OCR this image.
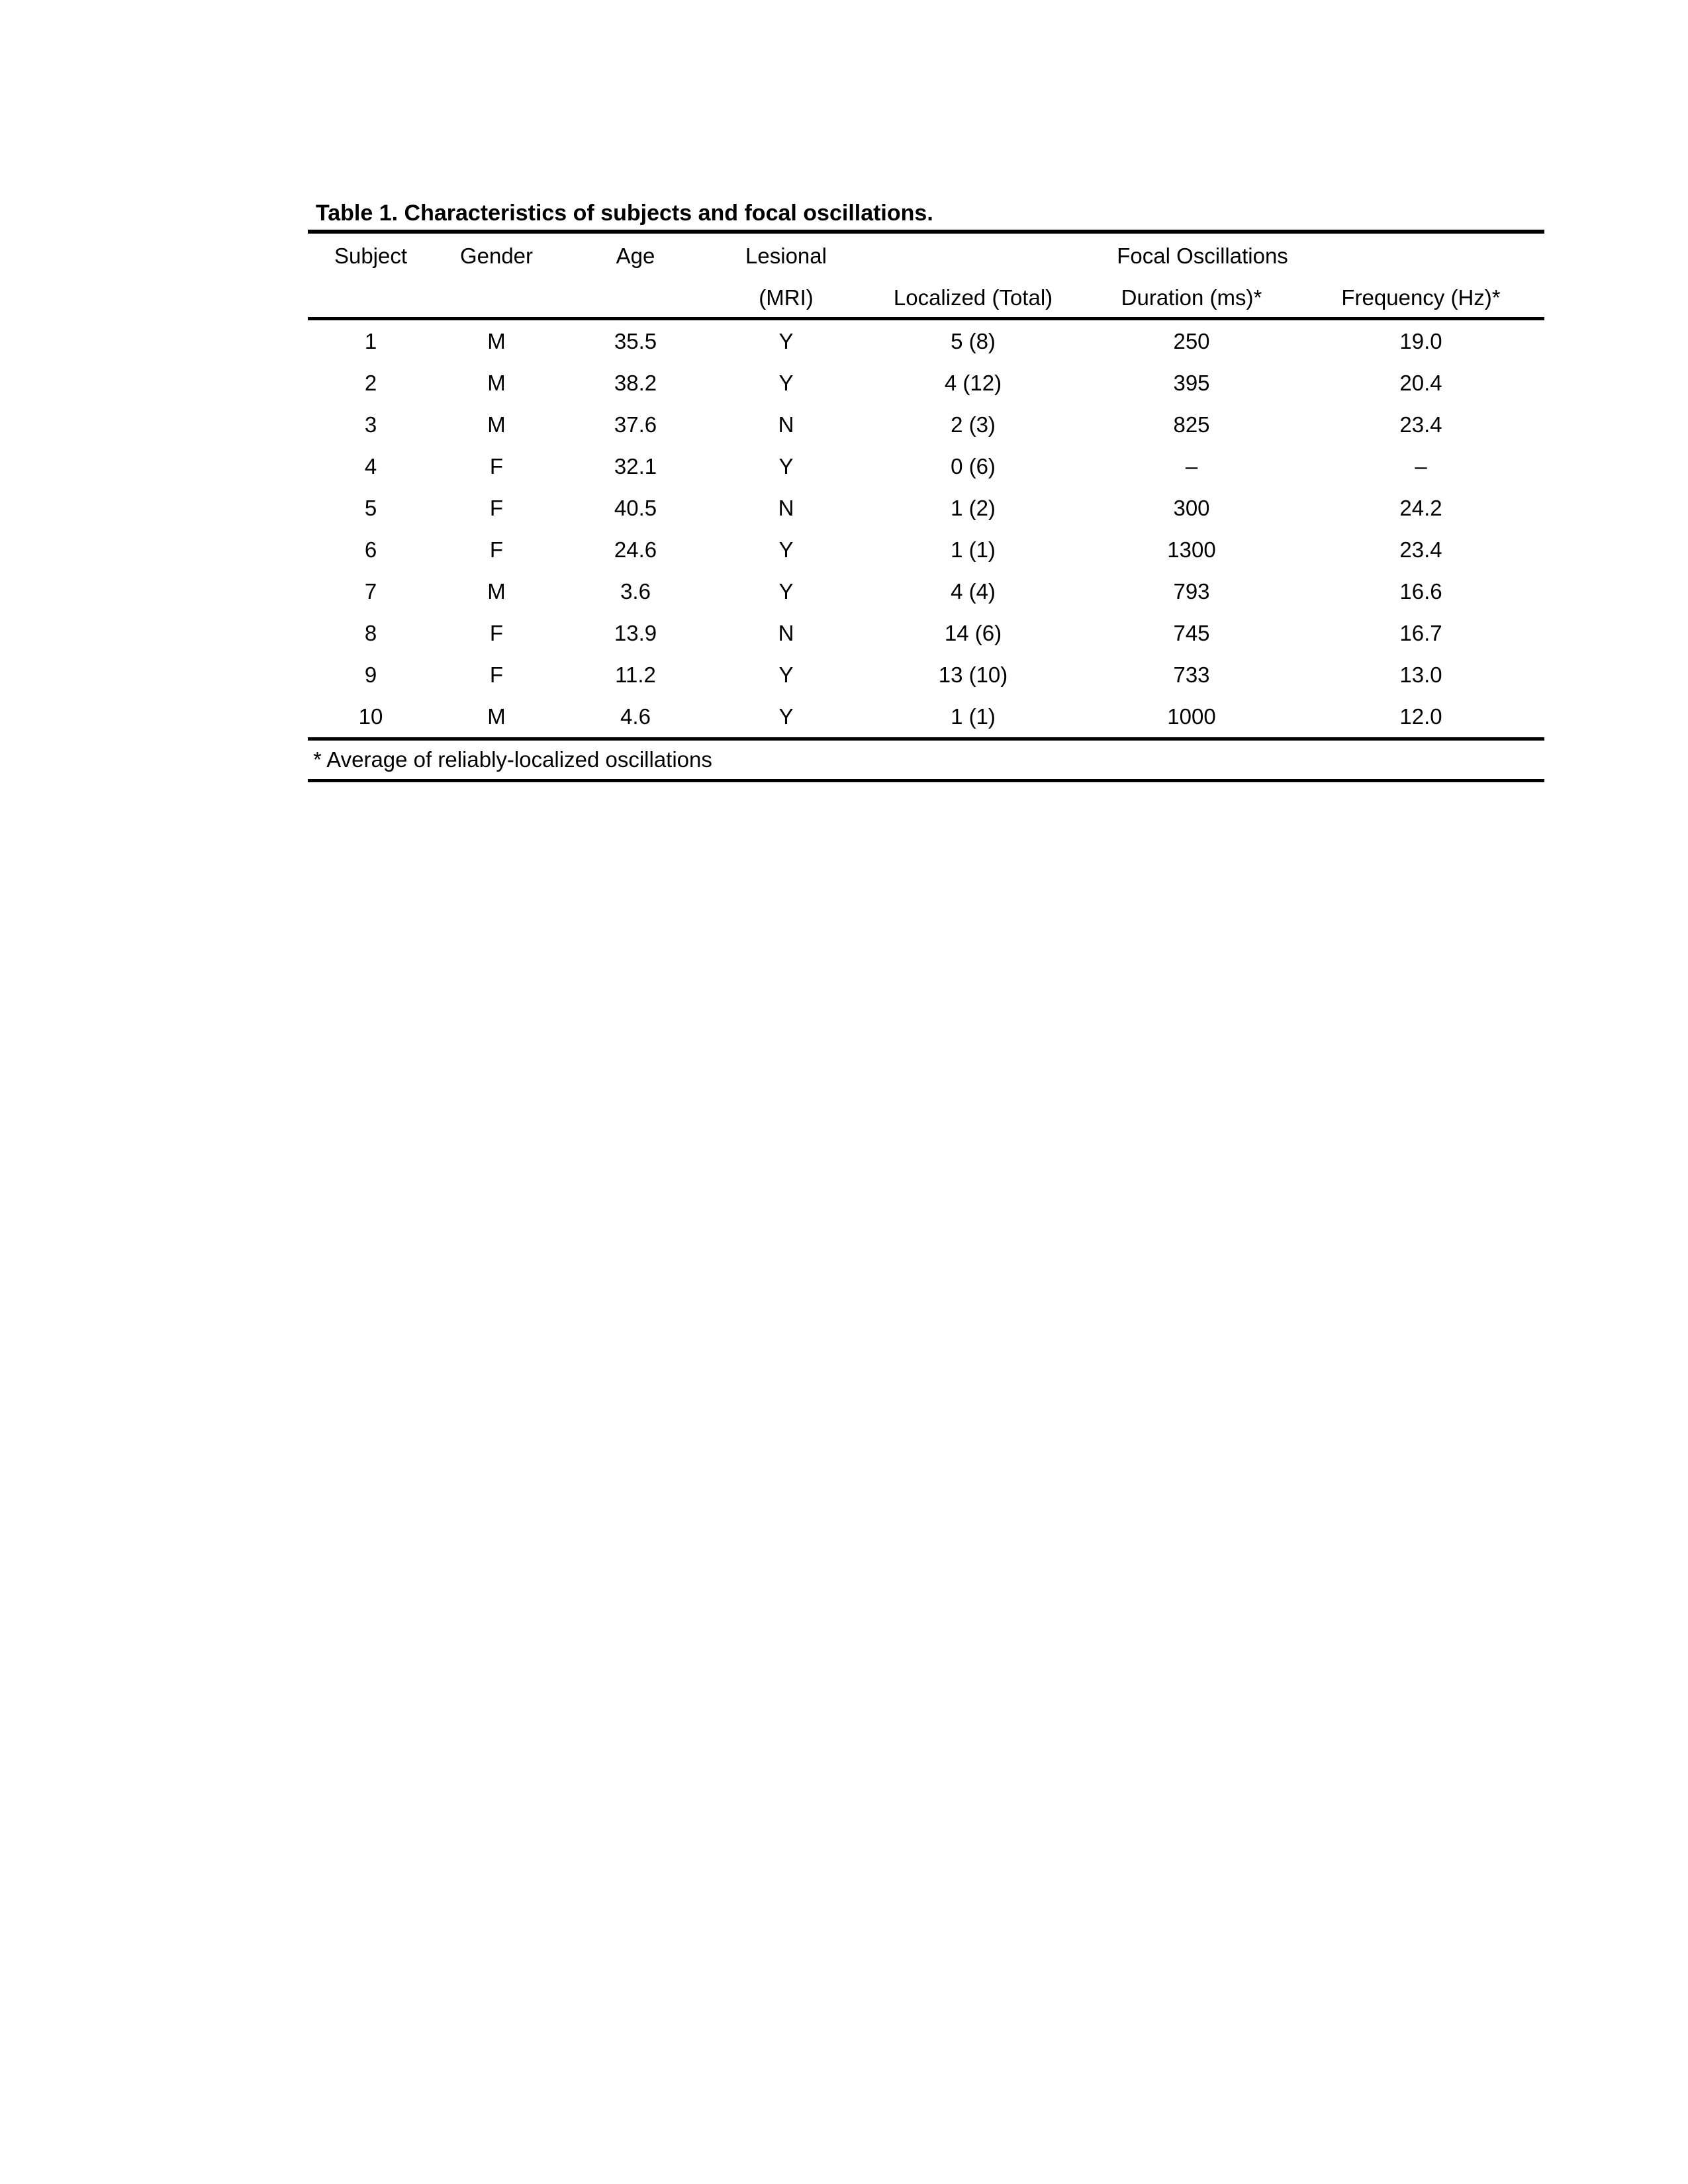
Table 1. Characteristics of subjects and focal oscillations.
Subject	Gender	Age	Lesional	Focal Oscillations		
			(MRI)	Localized (Total)	Duration (ms)*	Frequency (Hz)*
1	M	35.5	Y	5 (8)	250	19.0
2	M	38.2	Y	4 (12)	395	20.4
3	M	37.6	N	2 (3)	825	23.4
4	F	32.1	Y	0 (6)	–	–
5	F	40.5	N	1 (2)	300	24.2
6	F	24.6	Y	1 (1)	1300	23.4
7	M	3.6	Y	4 (4)	793	16.6
8	F	13.9	N	14 (6)	745	16.7
9	F	11.2	Y	13 (10)	733	13.0
10	M	4.6	Y	1 (1)	1000	12.0
* Average of reliably-localized oscillations						
